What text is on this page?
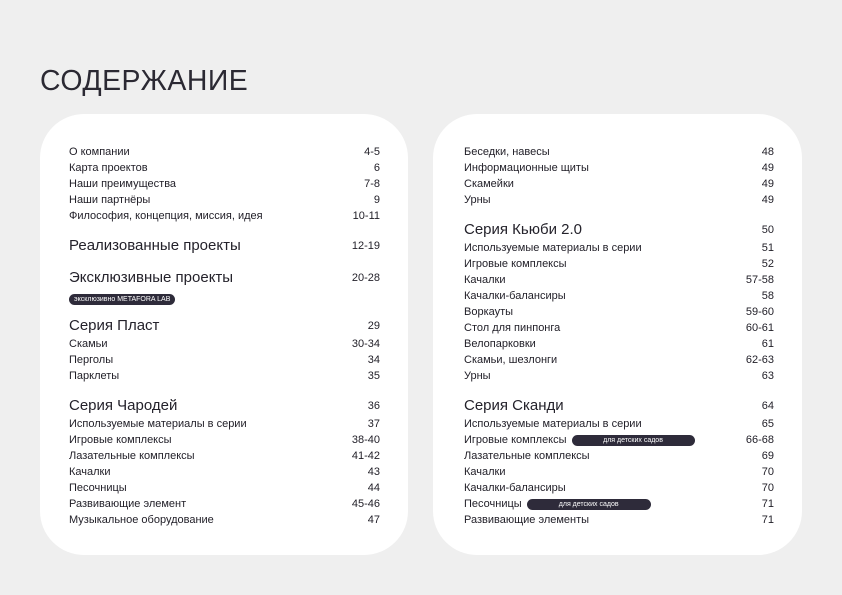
СОДЕРЖАНИЕ
О компании	4-5
Карта проектов	6
Наши преимущества	7-8
Наши партнёры	9
Философия, концепция, миссия, идея	10-11
Реализованные проекты	12-19
Эксклюзивные проекты	20-28
эксклюзивно METAFORA LAB
Серия Пласт	29
Скамьи	30-34
Перголы	34
Парклеты	35
Серия Чародей	36
Используемые материалы в серии	37
Игровые комплексы	38-40
Лазательные комплексы	41-42
Качалки	43
Песочницы	44
Развивающие элемент	45-46
Музыкальное оборудование	47
Беседки, навесы	48
Информационные щиты	49
Скамейки	49
Урны	49
Серия Кьюби 2.0	50
Используемые материалы в серии	51
Игровые комплексы	52
Качалки	57-58
Качалки-балансиры	58
Воркауты	59-60
Стол для пинпонга	60-61
Велопарковки	61
Скамьи, шезлонги	62-63
Урны	63
Серия Сканди	64
Используемые материалы в серии	65
Игровые комплексы	для детских садов	66-68
Лазательные комплексы	69
Качалки	70
Качалки-балансиры	70
Песочницы	для детских садов	71
Развивающие элементы	71
